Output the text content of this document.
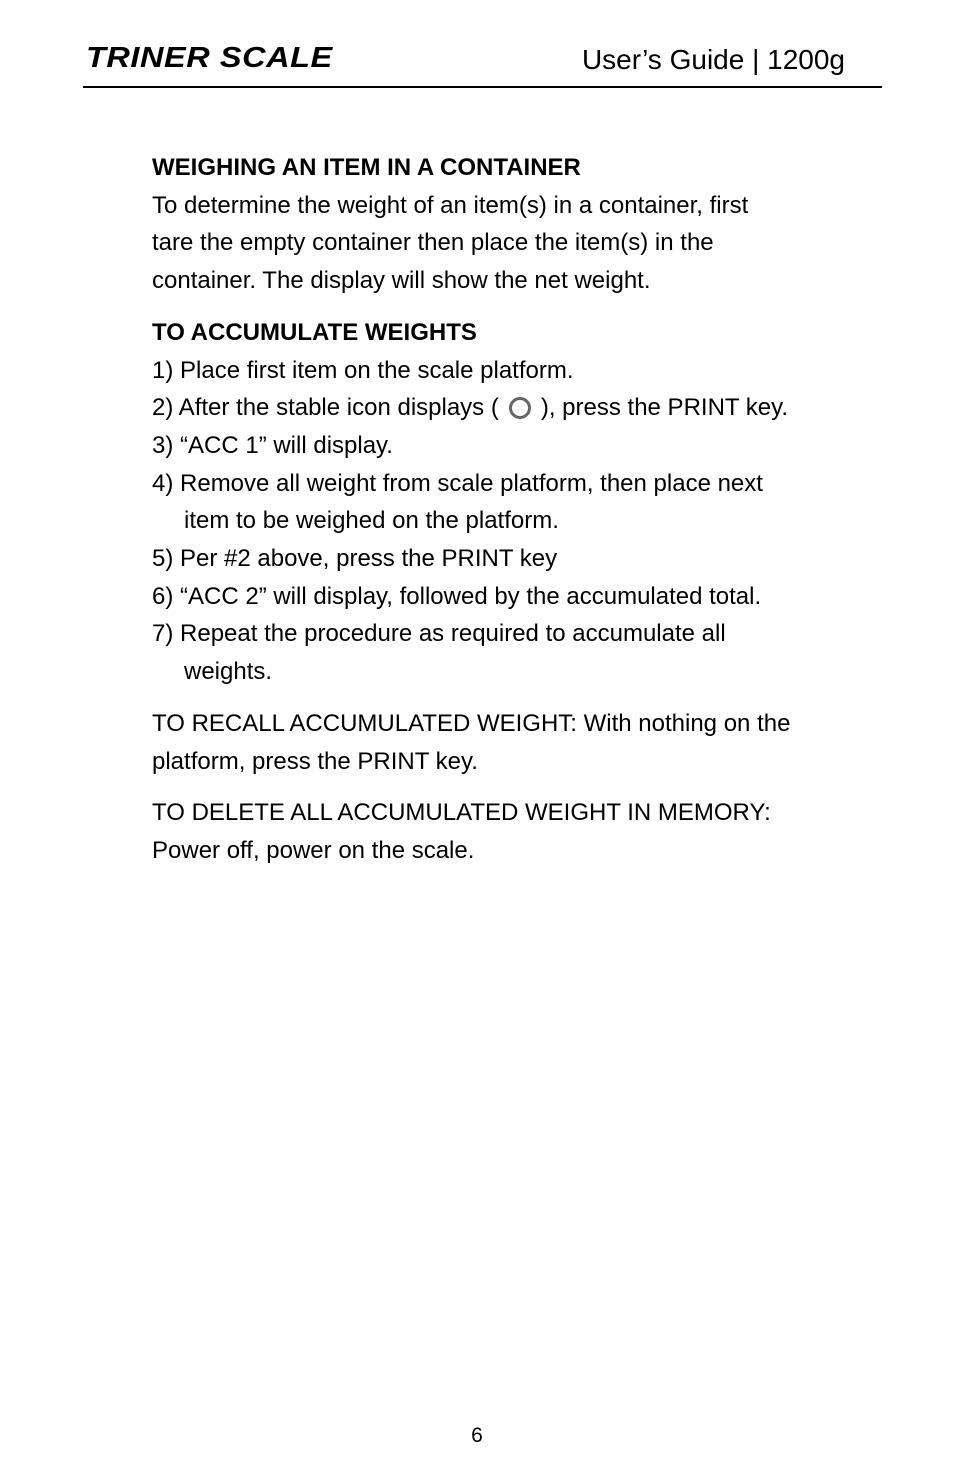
TRINER SCALE	User’s Guide | 1200g

WEIGHING AN ITEM IN A CONTAINER

To determine the weight of an item(s) in a container, first tare the empty container then place the item(s) in the container. The display will show the net weight.

TO ACCUMULATE WEIGHTS

1) Place first item on the scale platform.
2) After the stable icon displays ( ), press the PRINT key.
3) “ACC 1” will display.
4) Remove all weight from scale platform, then place next item to be weighed on the platform.
5) Per #2 above, press the PRINT key
6) “ACC 2” will display, followed by the accumulated total.
7) Repeat the procedure as required to accumulate all weights.

TO RECALL ACCUMULATED WEIGHT: With nothing on the platform, press the PRINT key.

TO DELETE ALL ACCUMULATED WEIGHT IN MEMORY: Power off, power on the scale.

6
